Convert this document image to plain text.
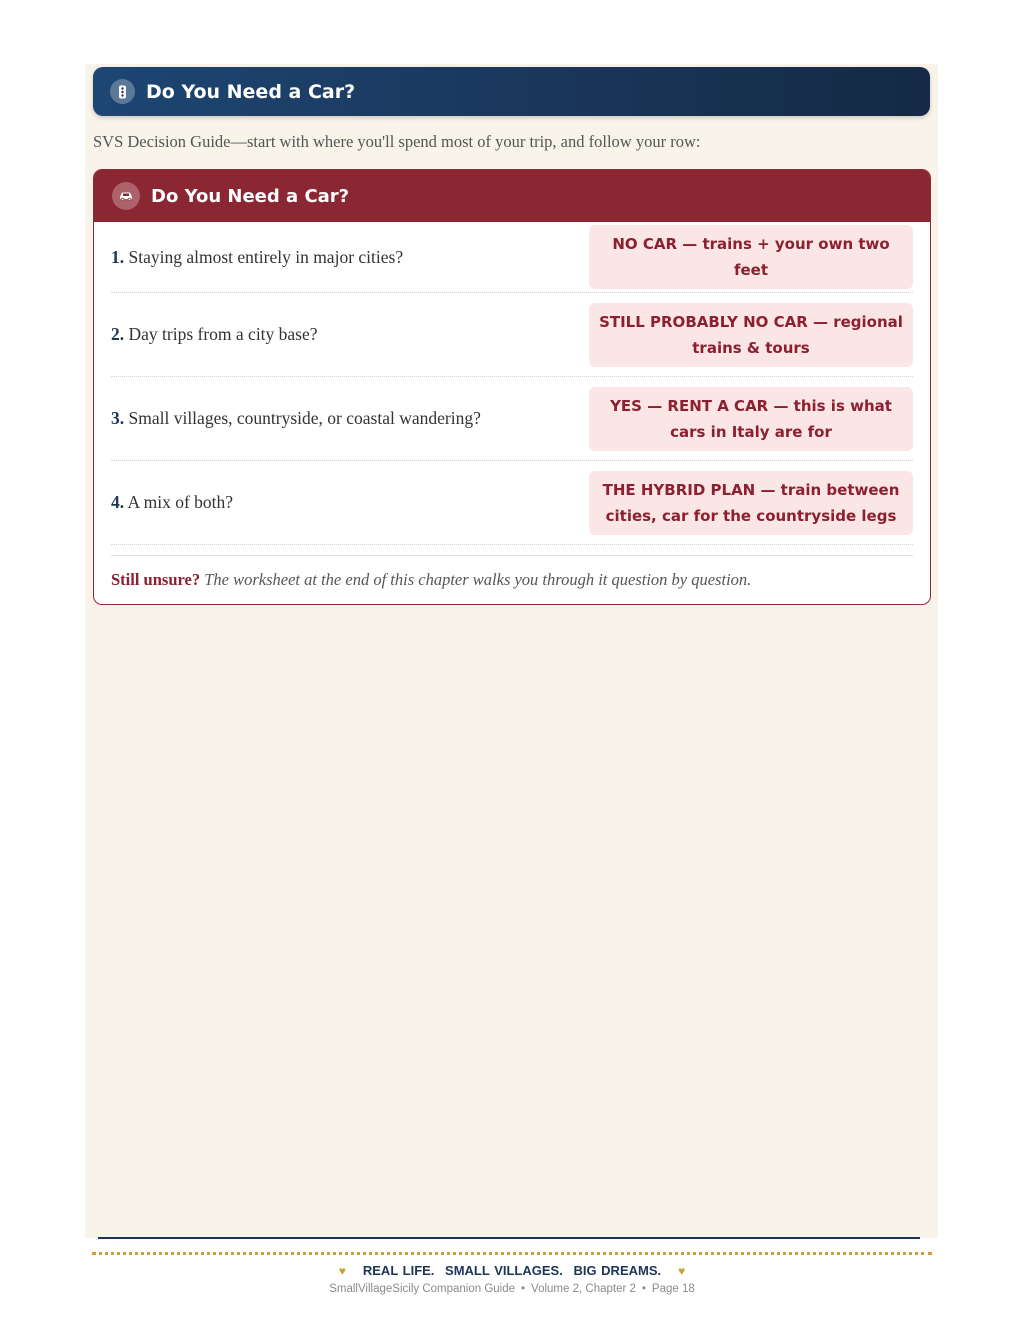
Do You Need a Car?

SVS Decision Guide—start with where you'll spend most of your trip, and follow your row:

Do You Need a Car?

1. Staying almost entirely in major cities?

NO CAR — trains + your own two feet

2. Day trips from a city base?

STILL PROBABLY NO CAR — regional trains & tours

3. Small villages, countryside, or coastal wandering?

YES — RENT A CAR — this is what cars in Italy are for

4. A mix of both?

THE HYBRID PLAN — train between cities, car for the countryside legs

Still unsure? The worksheet at the end of this chapter walks you through it question by question.

♥ REAL LIFE. SMALL VILLAGES. BIG DREAMS. ♥
SmallVillageSicily Companion Guide • Volume 2, Chapter 2 • Page 18
